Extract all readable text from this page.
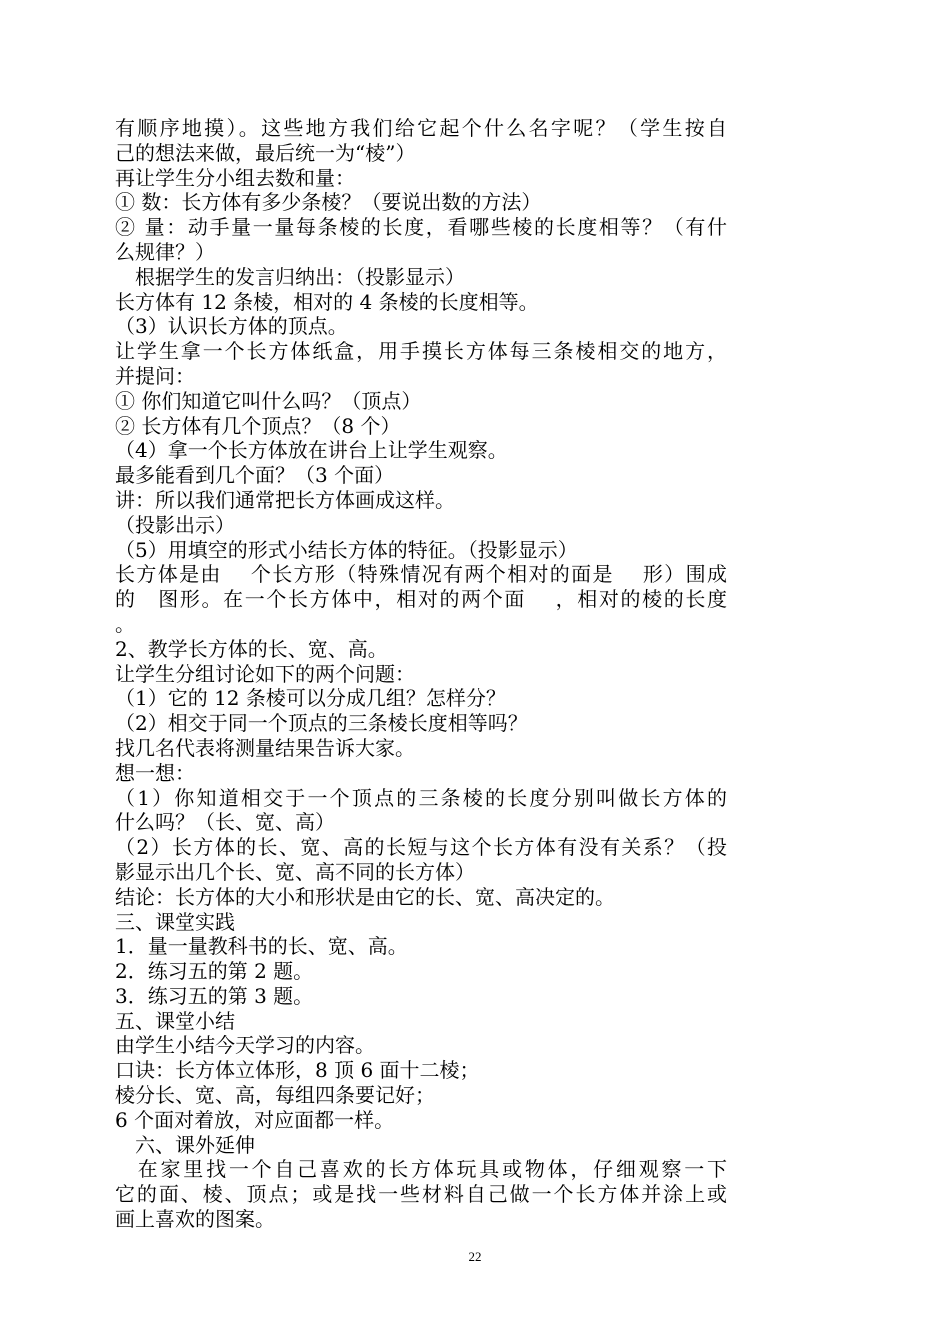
有顺序地摸）。这些地方我们给它起个什么名字呢？（学生按自
己的想法来做，最后统一为“棱”）
再让学生分小组去数和量：
① 数：长方体有多少条棱？（要说出数的方法）
② 量：动手量一量每条棱的长度，看哪些棱的长度相等？（有什
么规律？）
　根据学生的发言归纳出：（投影显示）
长方体有 12 条棱，相对的 4 条棱的长度相等。
（3）认识长方体的顶点。
让学生拿一个长方体纸盒，用手摸长方体每三条棱相交的地方，
并提问：
① 你们知道它叫什么吗？（顶点）
② 长方体有几个顶点？（8 个）
（4）拿一个长方体放在讲台上让学生观察。
最多能看到几个面？（3 个面）
讲：所以我们通常把长方体画成这样。
（投影出示）
（5）用填空的形式小结长方体的特征。（投影显示）
长方体是由　 个长方形（特殊情况有两个相对的面是　 形）围成
的　图形。在一个长方体中，相对的两个面　 ，相对的棱的长度
。
2、教学长方体的长、宽、高。
让学生分组讨论如下的两个问题：
（1）它的 12 条棱可以分成几组？怎样分？
（2）相交于同一个顶点的三条棱长度相等吗？
找几名代表将测量结果告诉大家。
想一想：
（1）你知道相交于一个顶点的三条棱的长度分别叫做长方体的
什么吗？（长、宽、高）
（2）长方体的长、宽、高的长短与这个长方体有没有关系？（投
影显示出几个长、宽、高不同的长方体）
结论：长方体的大小和形状是由它的长、宽、高决定的。
三、课堂实践
1．量一量教科书的长、宽、高。
2．练习五的第 2 题。
3．练习五的第 3 题。
五、课堂小结
由学生小结今天学习的内容。
口诀：长方体立体形，8 顶 6 面十二棱；
棱分长、宽、高，每组四条要记好；
6 个面对着放，对应面都一样。
　六、课外延伸
　在家里找一个自己喜欢的长方体玩具或物体，仔细观察一下
它的面、棱、顶点；或是找一些材料自己做一个长方体并涂上或
画上喜欢的图案。
22
